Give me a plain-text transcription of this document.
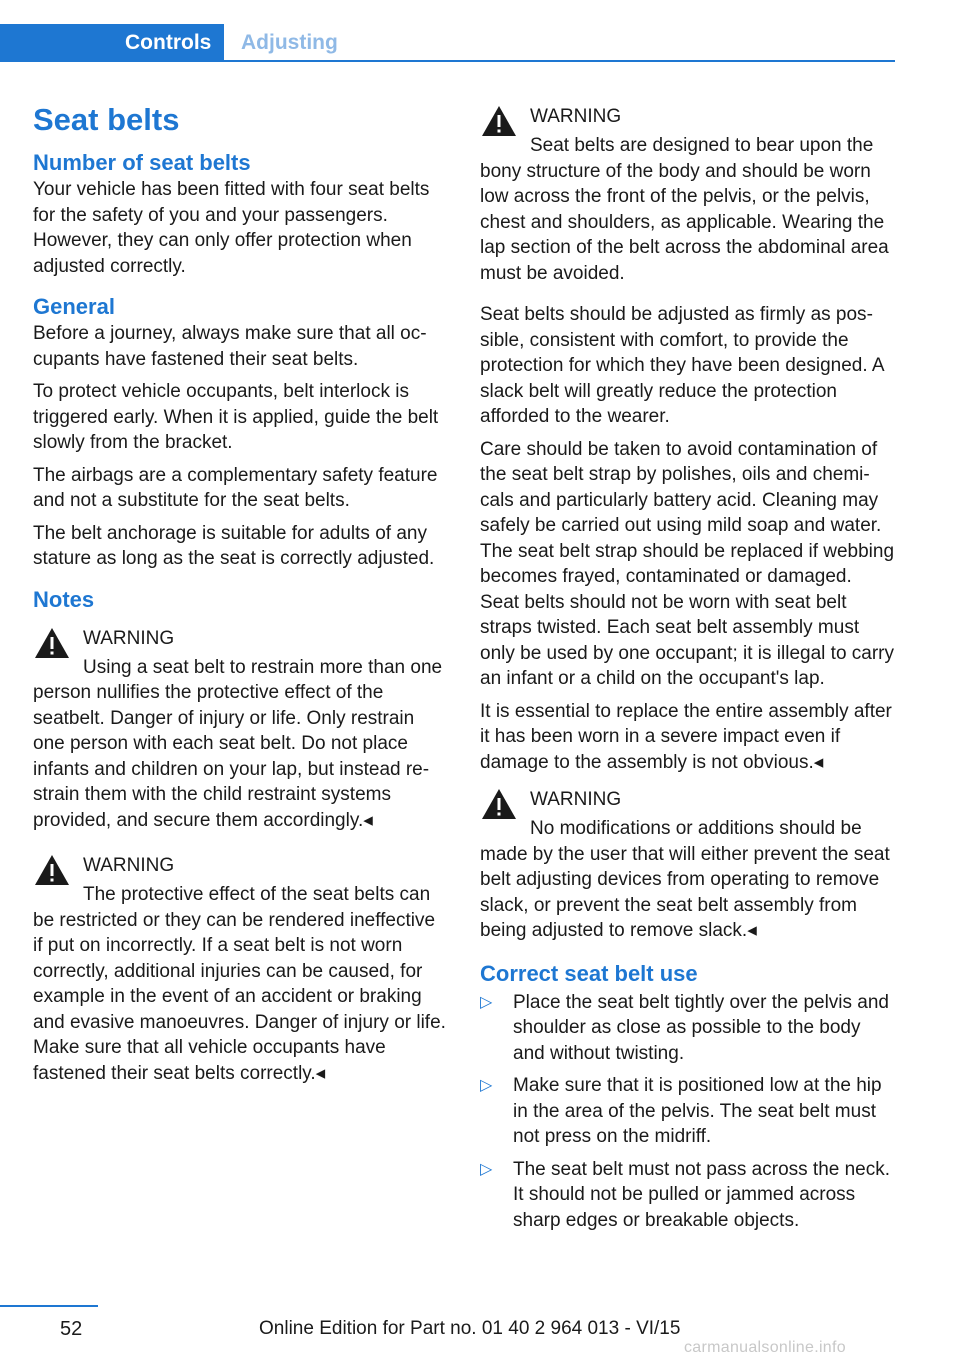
Controls	Adjusting
Seat belts
Number of seat belts

Your vehicle has been fitted with four seat belts for the safety of you and your passengers. However, they can only offer protection when adjusted correctly.

General

Before a journey, always make sure that all occupants have fastened their seat belts.

To protect vehicle occupants, belt interlock is triggered early. When it is applied, guide the belt slowly from the bracket.

The airbags are a complementary safety feature and not a substitute for the seat belts.

The belt anchorage is suitable for adults of any stature as long as the seat is correctly adjusted.

Notes
WARNING
Using a seat belt to restrain more than one person nullifies the protective effect of the seatbelt. Danger of injury or life. Only restrain one person with each seat belt. Do not place infants and children on your lap, but instead restrain them with the child restraint systems provided, and secure them accordingly.◂
WARNING
The protective effect of the seat belts can be restricted or they can be rendered ineffective if put on incorrectly. If a seat belt is not worn correctly, additional injuries can be caused, for example in the event of an accident or braking and evasive manoeuvres. Danger of injury or life. Make sure that all vehicle occupants have fastened their seat belts correctly.◂
WARNING
Seat belts are designed to bear upon the bony structure of the body and should be worn low across the front of the pelvis, or the pelvis, chest and shoulders, as applicable. Wearing the lap section of the belt across the abdominal area must be avoided.

Seat belts should be adjusted as firmly as possible, consistent with comfort, to provide the protection for which they have been designed. A slack belt will greatly reduce the protection afforded to the wearer.

Care should be taken to avoid contamination of the seat belt strap by polishes, oils and chemicals and particularly battery acid. Cleaning may safely be carried out using mild soap and water. The seat belt strap should be replaced if webbing becomes frayed, contaminated or damaged. Seat belts should not be worn with seat belt straps twisted. Each seat belt assembly must only be used by one occupant; it is illegal to carry an infant or a child on the occupant's lap.

It is essential to replace the entire assembly after it has been worn in a severe impact even if damage to the assembly is not obvious.◂

WARNING
No modifications or additions should be made by the user that will either prevent the seat belt adjusting devices from operating to remove slack, or prevent the seat belt assembly from being adjusted to remove slack.◂
Correct seat belt use
▷ Place the seat belt tightly over the pelvis and shoulder as close as possible to the body and without twisting.
▷ Make sure that it is positioned low at the hip in the area of the pelvis. The seat belt must not press on the midriff.
▷ The seat belt must not pass across the neck. It should not be pulled or jammed across sharp edges or breakable objects.
52	Online Edition for Part no. 01 40 2 964 013 - VI/15
carmanualsonline.info
